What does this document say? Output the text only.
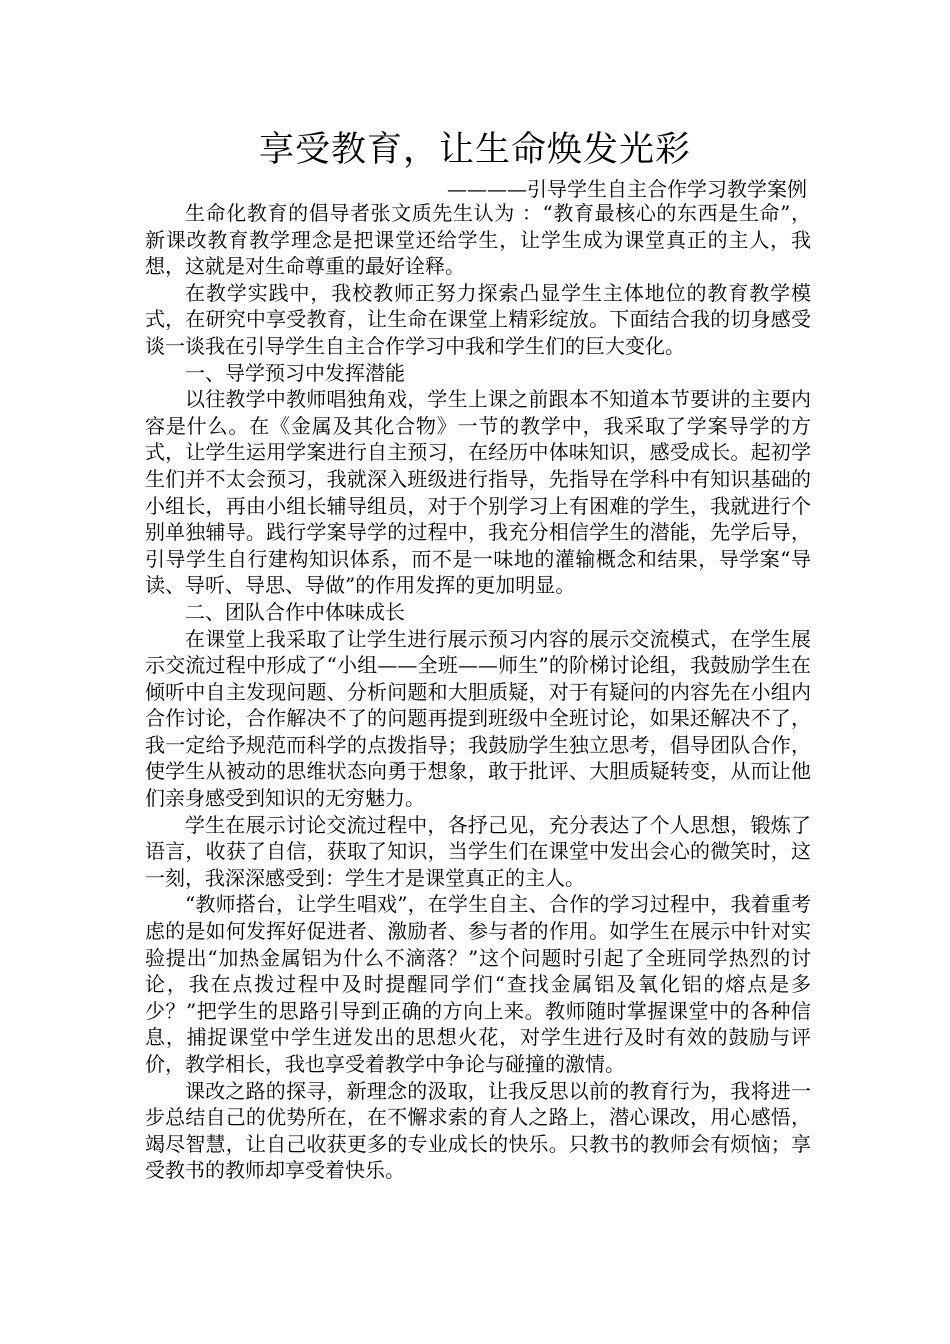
享受教育，让生命焕发光彩
————引导学生自主合作学习教学案例

生命化教育的倡导者张文质先生认为 ：“教育最核心的东西是生命”，新课改教育教学理念是把课堂还给学生，让学生成为课堂真正的主人，我想，这就是对生命尊重的最好诠释。

在教学实践中，我校教师正努力探索凸显学生主体地位的教育教学模式，在研究中享受教育，让生命在课堂上精彩绽放。下面结合我的切身感受谈一谈我在引导学生自主合作学习中我和学生们的巨大变化。

一、导学预习中发挥潜能

以往教学中教师唱独角戏，学生上课之前跟本不知道本节要讲的主要内容是什么。在《金属及其化合物》一节的教学中，我采取了学案导学的方式，让学生运用学案进行自主预习，在经历中体味知识，感受成长。起初学生们并不太会预习，我就深入班级进行指导，先指导在学科中有知识基础的小组长，再由小组长辅导组员，对于个别学习上有困难的学生，我就进行个别单独辅导。践行学案导学的过程中，我充分相信学生的潜能，先学后导，引导学生自行建构知识体系，而不是一味地的灌输概念和结果，导学案“导读、导听、导思、导做”的作用发挥的更加明显。

二、团队合作中体味成长

在课堂上我采取了让学生进行展示预习内容的展示交流模式，在学生展示交流过程中形成了“小组——全班——师生”的阶梯讨论组，我鼓励学生在倾听中自主发现问题、分析问题和大胆质疑，对于有疑问的内容先在小组内合作讨论，合作解决不了的问题再提到班级中全班讨论，如果还解决不了，我一定给予规范而科学的点拨指导；我鼓励学生独立思考，倡导团队合作，使学生从被动的思维状态向勇于想象，敢于批评、大胆质疑转变，从而让他们亲身感受到知识的无穷魅力。

学生在展示讨论交流过程中，各抒己见，充分表达了个人思想，锻炼了语言，收获了自信，获取了知识，当学生们在课堂中发出会心的微笑时，这一刻，我深深感受到：学生才是课堂真正的主人。

“教师搭台，让学生唱戏”，在学生自主、合作的学习过程中，我着重考虑的是如何发挥好促进者、激励者、参与者的作用。如学生在展示中针对实验提出“加热金属铝为什么不滴落？”这个问题时引起了全班同学热烈的讨论，我在点拨过程中及时提醒同学们“查找金属铝及氧化铝的熔点是多少？”把学生的思路引导到正确的方向上来。教师随时掌握课堂中的各种信息，捕捉课堂中学生迸发出的思想火花，对学生进行及时有效的鼓励与评价，教学相长，我也享受着教学中争论与碰撞的激情。

课改之路的探寻，新理念的汲取，让我反思以前的教育行为，我将进一步总结自己的优势所在，在不懈求索的育人之路上，潜心课改，用心感悟，竭尽智慧，让自己收获更多的专业成长的快乐。只教书的教师会有烦恼；享受教书的教师却享受着快乐。
